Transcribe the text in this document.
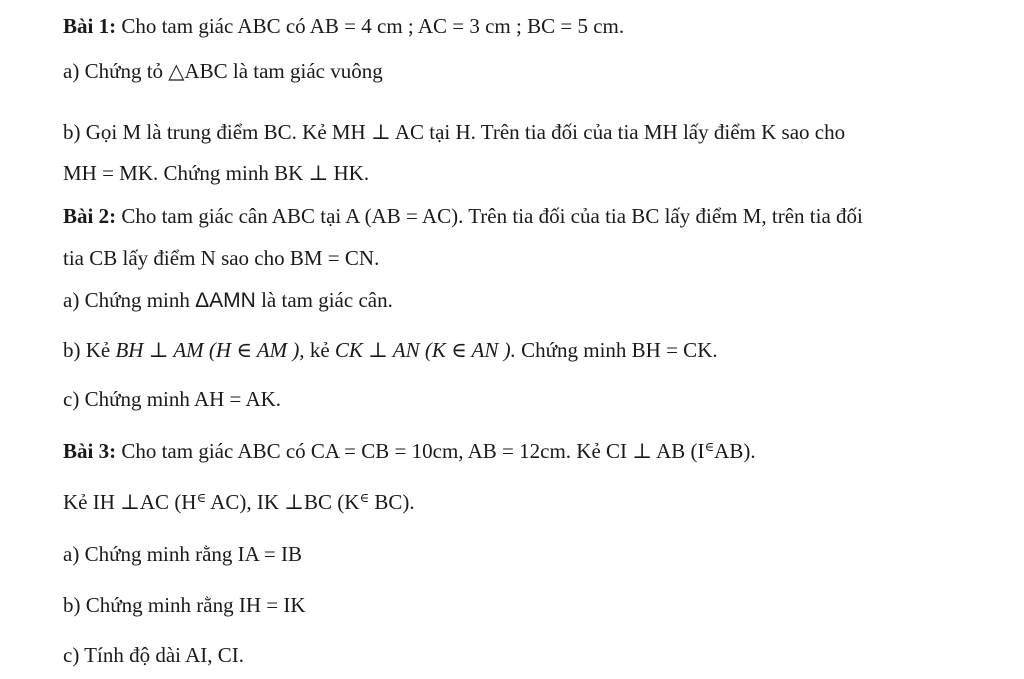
Bài 1: Cho tam giác ABC có AB = 4 cm ; AC = 3 cm ; BC = 5 cm.
a) Chứng tỏ △ABC là tam giác vuông
b) Gọi M là trung điểm BC. Kẻ MH ⊥ AC tại H. Trên tia đối của tia MH lấy điểm K sao cho
MH = MK. Chứng minh BK ⊥ HK.
Bài 2: Cho tam giác cân ABC tại A (AB = AC). Trên tia đối của tia BC lấy điểm M, trên tia đối
tia CB lấy điểm N sao cho BM = CN.
a) Chứng minh ΔAMN là tam giác cân.
b) Kẻ BH ⊥ AM (H ∈ AM ), kẻ CK ⊥ AN (K ∈ AN ). Chứng minh BH = CK.
c) Chứng minh AH = AK.
Bài 3: Cho tam giác ABC có CA = CB = 10cm, AB = 12cm. Kẻ CI ⊥ AB (I∈AB).
Kẻ IH ⊥AC (H∈ AC), IK ⊥BC (K∈ BC).
a) Chứng minh rằng IA = IB
b) Chứng minh rằng IH = IK
c) Tính độ dài AI, CI.
